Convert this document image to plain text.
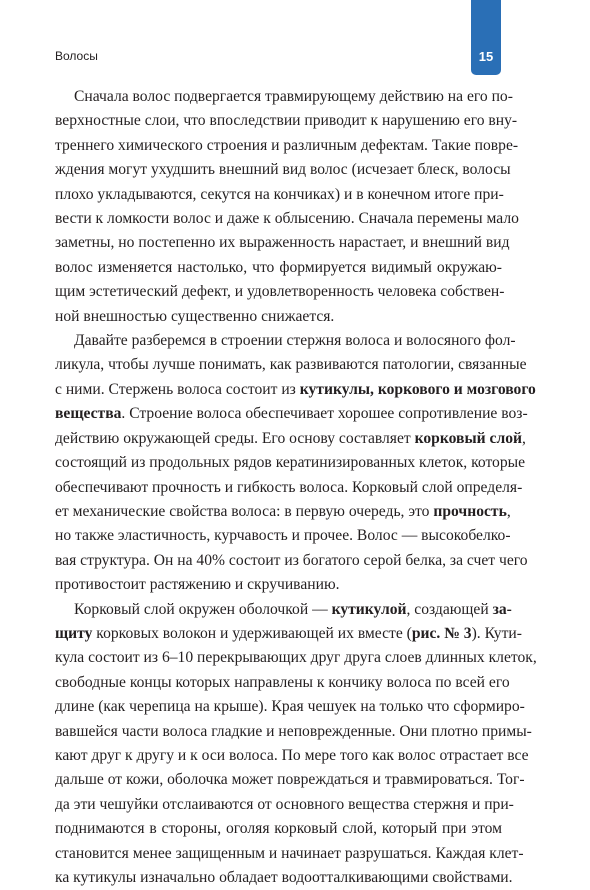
Волосы	15
Сначала волос подвергается травмирующему действию на его по-
верхностные слои, что впоследствии приводит к нарушению его вну-
треннего химического строения и различным дефектам. Такие повре-
ждения могут ухудшить внешний вид волос (исчезает блеск, волосы
плохо укладываются, секутся на кончиках) и в конечном итоге при-
вести к ломкости волос и даже к облысению. Сначала перемены мало
заметны, но постепенно их выраженность нарастает, и внешний вид
волос изменяется настолько, что формируется видимый окружаю-
щим эстетический дефект, и удовлетворенность человека собствен-
ной внешностью существенно снижается.
Давайте разберемся в строении стержня волоса и волосяного фол-
ликула, чтобы лучше понимать, как развиваются патологии, связанные
с ними. Стержень волоса состоит из кутикулы, коркового и мозгового
вещества. Строение волоса обеспечивает хорошее сопротивление воз-
действию окружающей среды. Его основу составляет корковый слой,
состоящий из продольных рядов кератинизированных клеток, которые
обеспечивают прочность и гибкость волоса. Корковый слой определя-
ет механические свойства волоса: в первую очередь, это прочность,
но также эластичность, курчавость и прочее. Волос — высокобелко-
вая структура. Он на 40% состоит из богатого серой белка, за счет чего
противостоит растяжению и скручиванию.
Корковый слой окружен оболочкой — кутикулой, создающей за-
щиту корковых волокон и удерживающей их вместе (рис. № 3). Кути-
кула состоит из 6–10 перекрывающих друг друга слоев длинных клеток,
свободные концы которых направлены к кончику волоса по всей его
длине (как черепица на крыше). Края чешуек на только что сформиро-
вавшейся части волоса гладкие и неповрежденные. Они плотно примы-
кают друг к другу и к оси волоса. По мере того как волос отрастает все
дальше от кожи, оболочка может повреждаться и травмироваться. Тог-
да эти чешуйки отслаиваются от основного вещества стержня и при-
поднимаются в стороны, оголяя корковый слой, который при этом
становится менее защищенным и начинает разрушаться. Каждая клет-
ка кутикулы изначально обладает водоотталкивающими свойствами.
